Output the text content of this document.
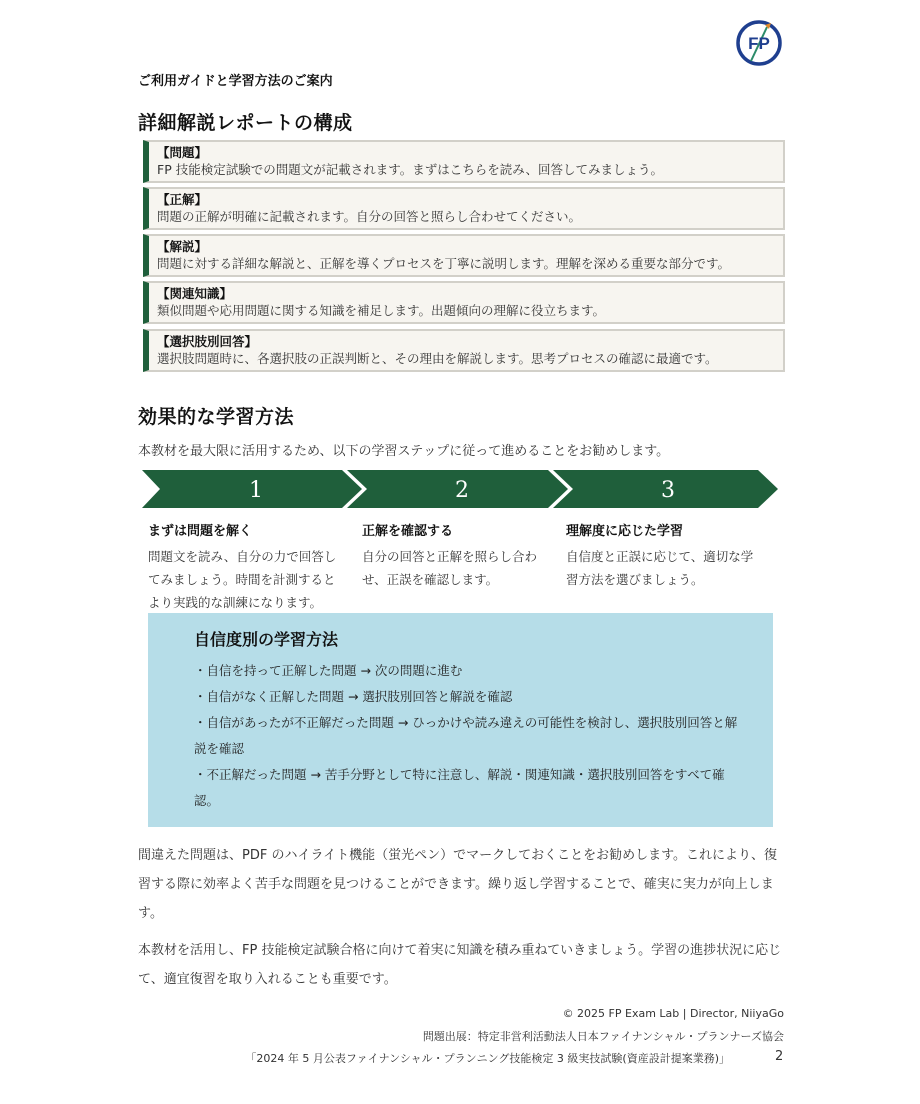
FP
ご利用ガイドと学習方法のご案内
詳細解説レポートの構成
【問題】
FP 技能検定試験での問題文が記載されます。まずはこちらを読み、回答してみましょう。
【正解】
問題の正解が明確に記載されます。自分の回答と照らし合わせてください。
【解説】
問題に対する詳細な解説と、正解を導くプロセスを丁寧に説明します。理解を深める重要な部分です。
【関連知識】
類似問題や応用問題に関する知識を補足します。出題傾向の理解に役立ちます。
【選択肢別回答】
選択肢問題時に、各選択肢の正誤判断と、その理由を解説します。思考プロセスの確認に最適です。
効果的な学習方法
本教材を最大限に活用するため、以下の学習ステップに従って進めることをお勧めします。
1	2	3
まずは問題を解く
問題文を読み、自分の力で回答してみましょう。時間を計測するとより実践的な訓練になります。
正解を確認する
自分の回答と正解を照らし合わせ、正誤を確認します。
理解度に応じた学習
自信度と正誤に応じて、適切な学習方法を選びましょう。
自信度別の学習方法
・自信を持って正解した問題 → 次の問題に進む
・自信がなく正解した問題 → 選択肢別回答と解説を確認
・自信があったが不正解だった問題 → ひっかけや読み違えの可能性を検討し、選択肢別回答と解説を確認
・不正解だった問題 → 苦手分野として特に注意し、解説・関連知識・選択肢別回答をすべて確認。
間違えた問題は、PDF のハイライト機能（蛍光ペン）でマークしておくことをお勧めします。これにより、復習する際に効率よく苦手な問題を見つけることができます。繰り返し学習することで、確実に実力が向上します。
本教材を活用し、FP 技能検定試験合格に向けて着実に知識を積み重ねていきましょう。学習の進捗状況に応じて、適宜復習を取り入れることも重要です。
© 2025 FP Exam Lab | Director, NiiyaGo
問題出展：特定非営利活動法人日本ファイナンシャル・プランナーズ協会
「2024 年 5 月公表ファイナンシャル・プランニング技能検定 3 級実技試験(資産設計提案業務)」	2
